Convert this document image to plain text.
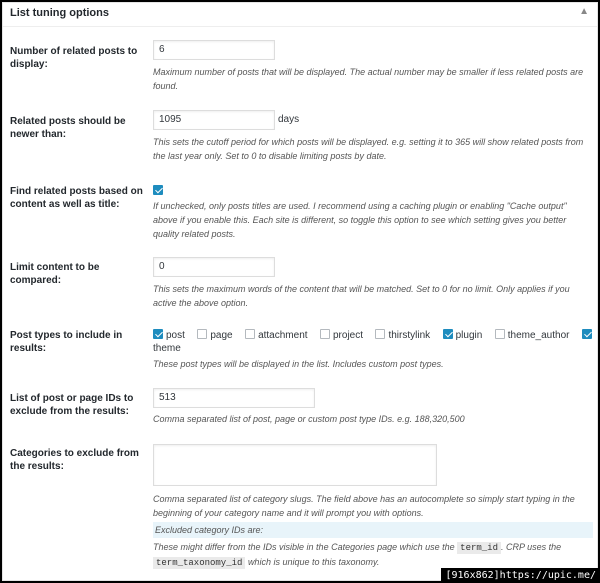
List tuning options	▲
Number of related posts to display:
6
Maximum number of posts that will be displayed. The actual number may be smaller if less related posts are found.
Related posts should be newer than:
1095days
This sets the cutoff period for which posts will be displayed. e.g. setting it to 365 will show related posts from the last year only. Set to 0 to disable limiting posts by date.
Find related posts based on content as well as title:	If unchecked, only posts titles are used. I recommend using a caching plugin or enabling "Cache output" above if you enable this. Each site is different, so toggle this option to see which setting gives you better quality related posts.
Limit content to be compared:
0
This sets the maximum words of the content that will be matched. Set to 0 for no limit. Only applies if you active the above option.
Post types to include in results:
post	page	attachment	project	thirstylink	plugin	theme_author
theme
These post types will be displayed in the list. Includes custom post types.
List of post or page IDs to exclude from the results:
513
Comma separated list of post, page or custom post type IDs. e.g. 188,320,500
Categories to exclude from the results:
Comma separated list of category slugs. The field above has an autocomplete so simply start typing in the beginning of your category name and it will prompt you with options.
Excluded category IDs are:
These might differ from the IDs visible in the Categories page which use the term_id . CRP uses the term_taxonomy_id which is unique to this taxonomy.
[916x862]https://upic.me/
